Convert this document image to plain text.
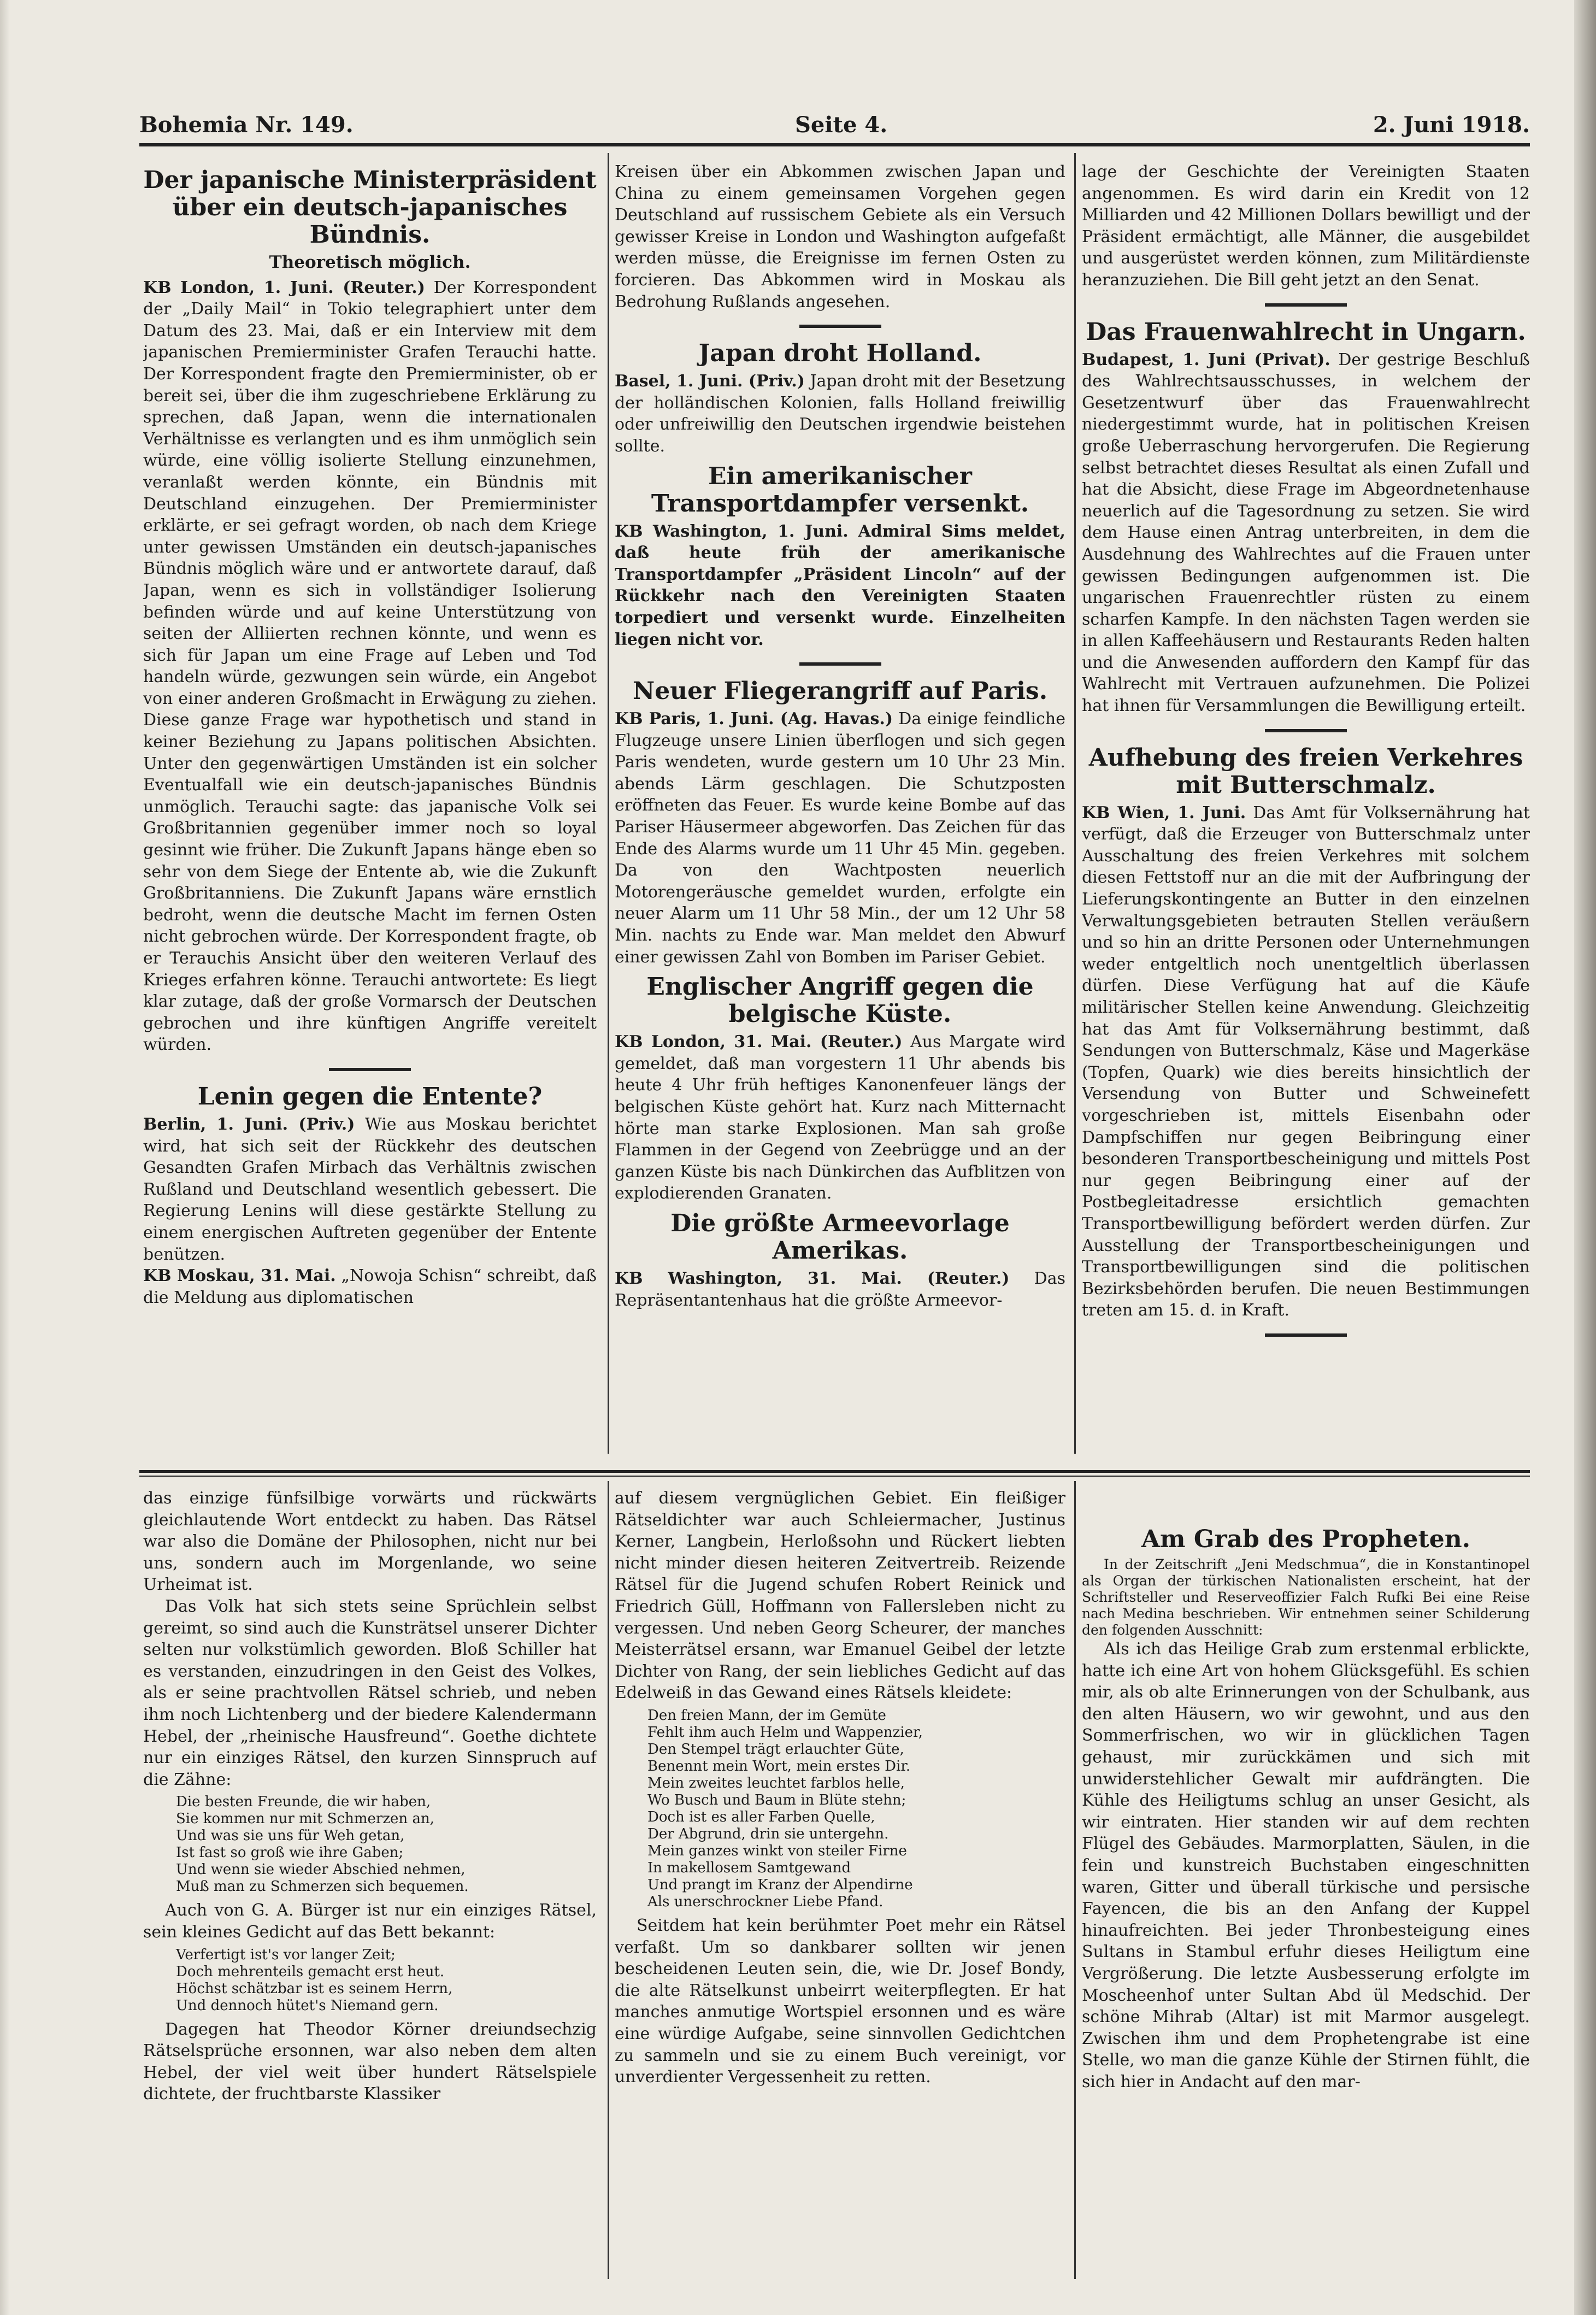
Bohemia Nr. 149.	Seite 4.	2. Juni 1918.
Der japanische Ministerpräsident über ein deutsch-japanisches Bündnis.
Theoretisch möglich.

KB London, 1. Juni. (Reuter.) Der Korrespondent der „Daily Mail“ in Tokio telegraphiert unter dem Datum des 23. Mai, daß er ein Interview mit dem japanischen Premierminister Grafen Terauchi hatte. Der Korrespondent fragte den Premierminister, ob er bereit sei, über die ihm zugeschriebene Erklärung zu sprechen, daß Japan, wenn die internationalen Verhältnisse es verlangten und es ihm unmöglich sein würde, eine völlig isolierte Stellung einzunehmen, veranlaßt werden könnte, ein Bündnis mit Deutschland einzugehen. Der Premierminister erklärte, er sei gefragt worden, ob nach dem Kriege unter gewissen Umständen ein deutsch-japanisches Bündnis möglich wäre und er antwortete darauf, daß Japan, wenn es sich in vollständiger Isolierung befinden würde und auf keine Unterstützung von seiten der Alliierten rechnen könnte, und wenn es sich für Japan um eine Frage auf Leben und Tod handeln würde, gezwungen sein würde, ein Angebot von einer anderen Großmacht in Erwägung zu ziehen. Diese ganze Frage war hypothetisch und stand in keiner Beziehung zu Japans politischen Absichten. Unter den gegenwärtigen Umständen ist ein solcher Eventualfall wie ein deutsch-japanisches Bündnis unmöglich. Terauchi sagte: das japanische Volk sei Großbritannien gegenüber immer noch so loyal gesinnt wie früher. Die Zukunft Japans hänge eben so sehr von dem Siege der Entente ab, wie die Zukunft Großbritanniens. Die Zukunft Japans wäre ernstlich bedroht, wenn die deutsche Macht im fernen Osten nicht gebrochen würde. Der Korrespondent fragte, ob er Terauchis Ansicht über den weiteren Verlauf des Krieges erfahren könne. Terauchi antwortete: Es liegt klar zutage, daß der große Vormarsch der Deutschen gebrochen und ihre künftigen Angriffe vereitelt würden.

Lenin gegen die Entente?

Berlin, 1. Juni. (Priv.) Wie aus Moskau berichtet wird, hat sich seit der Rückkehr des deutschen Gesandten Grafen Mirbach das Verhältnis zwischen Rußland und Deutschland wesentlich gebessert. Die Regierung Lenins will diese gestärkte Stellung zu einem energischen Auftreten gegenüber der Entente benützen.

KB Moskau, 31. Mai. „Nowoja Schisn“ schreibt, daß die Meldung aus diplomatischen

Kreisen über ein Abkommen zwischen Japan und China zu einem gemeinsamen Vorgehen gegen Deutschland auf russischem Gebiete als ein Versuch gewisser Kreise in London und Washington aufgefaßt werden müsse, die Ereignisse im fernen Osten zu forcieren. Das Abkommen wird in Moskau als Bedrohung Rußlands angesehen.

Japan droht Holland.

Basel, 1. Juni. (Priv.) Japan droht mit der Besetzung der holländischen Kolonien, falls Holland freiwillig oder unfreiwillig den Deutschen irgendwie beistehen sollte.

Ein amerikanischer Transportdampfer versenkt.

KB Washington, 1. Juni. Admiral Sims meldet, daß heute früh der amerikanische Transportdampfer „Präsident Lincoln“ auf der Rückkehr nach den Vereinigten Staaten torpediert und versenkt wurde. Einzelheiten liegen nicht vor.

Neuer Fliegerangriff auf Paris.

KB Paris, 1. Juni. (Ag. Havas.) Da einige feindliche Flugzeuge unsere Linien überflogen und sich gegen Paris wendeten, wurde gestern um 10 Uhr 23 Min. abends Lärm geschlagen. Die Schutzposten eröffneten das Feuer. Es wurde keine Bombe auf das Pariser Häusermeer abgeworfen. Das Zeichen für das Ende des Alarms wurde um 11 Uhr 45 Min. gegeben. Da von den Wachtposten neuerlich Motorengeräusche gemeldet wurden, erfolgte ein neuer Alarm um 11 Uhr 58 Min., der um 12 Uhr 58 Min. nachts zu Ende war. Man meldet den Abwurf einer gewissen Zahl von Bomben im Pariser Gebiet.

Englischer Angriff gegen die belgische Küste.

KB London, 31. Mai. (Reuter.) Aus Margate wird gemeldet, daß man vorgestern 11 Uhr abends bis heute 4 Uhr früh heftiges Kanonenfeuer längs der belgischen Küste gehört hat. Kurz nach Mitternacht hörte man starke Explosionen. Man sah große Flammen in der Gegend von Zeebrügge und an der ganzen Küste bis nach Dünkirchen das Aufblitzen von explodierenden Granaten.

Die größte Armeevorlage Amerikas.

KB Washington, 31. Mai. (Reuter.) Das Repräsentantenhaus hat die größte Armeevor-

lage der Geschichte der Vereinigten Staaten angenommen. Es wird darin ein Kredit von 12 Milliarden und 42 Millionen Dollars bewilligt und der Präsident ermächtigt, alle Männer, die ausgebildet und ausgerüstet werden können, zum Militärdienste heranzuziehen. Die Bill geht jetzt an den Senat.

Das Frauenwahlrecht in Ungarn.

Budapest, 1. Juni (Privat). Der gestrige Beschluß des Wahlrechtsausschusses, in welchem der Gesetzentwurf über das Frauenwahlrecht niedergestimmt wurde, hat in politischen Kreisen große Ueberraschung hervorgerufen. Die Regierung selbst betrachtet dieses Resultat als einen Zufall und hat die Absicht, diese Frage im Abgeordnetenhause neuerlich auf die Tagesordnung zu setzen. Sie wird dem Hause einen Antrag unterbreiten, in dem die Ausdehnung des Wahlrechtes auf die Frauen unter gewissen Bedingungen aufgenommen ist. Die ungarischen Frauenrechtler rüsten zu einem scharfen Kampfe. In den nächsten Tagen werden sie in allen Kaffeehäusern und Restaurants Reden halten und die Anwesenden auffordern den Kampf für das Wahlrecht mit Vertrauen aufzunehmen. Die Polizei hat ihnen für Versammlungen die Bewilligung erteilt.

Aufhebung des freien Verkehres mit Butterschmalz.

KB Wien, 1. Juni. Das Amt für Volksernährung hat verfügt, daß die Erzeuger von Butterschmalz unter Ausschaltung des freien Verkehres mit solchem diesen Fettstoff nur an die mit der Aufbringung der Lieferungskontingente an Butter in den einzelnen Verwaltungsgebieten betrauten Stellen veräußern und so hin an dritte Personen oder Unternehmungen weder entgeltlich noch unentgeltlich überlassen dürfen. Diese Verfügung hat auf die Käufe militärischer Stellen keine Anwendung. Gleichzeitig hat das Amt für Volksernährung bestimmt, daß Sendungen von Butterschmalz, Käse und Magerkäse (Topfen, Quark) wie dies bereits hinsichtlich der Versendung von Butter und Schweinefett vorgeschrieben ist, mittels Eisenbahn oder Dampfschiffen nur gegen Beibringung einer besonderen Transportbescheinigung und mittels Post nur gegen Beibringung einer auf der Postbegleitadresse ersichtlich gemachten Transportbewilligung befördert werden dürfen. Zur Ausstellung der Transportbescheinigungen und Transportbewilligungen sind die politischen Bezirksbehörden berufen. Die neuen Bestimmungen treten am 15. d. in Kraft.

das einzige fünfsilbige vorwärts und rückwärts gleichlautende Wort entdeckt zu haben. Das Rätsel war also die Domäne der Philosophen, nicht nur bei uns, sondern auch im Morgenlande, wo seine Urheimat ist.

Das Volk hat sich stets seine Sprüchlein selbst gereimt, so sind auch die Kunsträtsel unserer Dichter selten nur volkstümlich geworden. Bloß Schiller hat es verstanden, einzudringen in den Geist des Volkes, als er seine prachtvollen Rätsel schrieb, und neben ihm noch Lichtenberg und der biedere Kalendermann Hebel, der „rheinische Hausfreund“. Goethe dichtete nur ein einziges Rätsel, den kurzen Sinnspruch auf die Zähne:

Die besten Freunde, die wir haben,
Sie kommen nur mit Schmerzen an,
Und was sie uns für Weh getan,
Ist fast so groß wie ihre Gaben;
Und wenn sie wieder Abschied nehmen,
Muß man zu Schmerzen sich bequemen.

Auch von G. A. Bürger ist nur ein einziges Rätsel, sein kleines Gedicht auf das Bett bekannt:

Verfertigt ist's vor langer Zeit;
Doch mehrenteils gemacht erst heut.
Höchst schätzbar ist es seinem Herrn,
Und dennoch hütet's Niemand gern.

Dagegen hat Theodor Körner dreiundsechzig Rätselsprüche ersonnen, war also neben dem alten Hebel, der viel weit über hundert Rätselspiele dichtete, der fruchtbarste Klassiker

auf diesem vergnüglichen Gebiet. Ein fleißiger Rätseldichter war auch Schleiermacher, Justinus Kerner, Langbein, Herloßsohn und Rückert liebten nicht minder diesen heiteren Zeitvertreib. Reizende Rätsel für die Jugend schufen Robert Reinick und Friedrich Güll, Hoffmann von Fallersleben nicht zu vergessen. Und neben Georg Scheurer, der manches Meisterrätsel ersann, war Emanuel Geibel der letzte Dichter von Rang, der sein liebliches Gedicht auf das Edelweiß in das Gewand eines Rätsels kleidete:

Den freien Mann, der im Gemüte
Fehlt ihm auch Helm und Wappenzier,
Den Stempel trägt erlauchter Güte,
Benennt mein Wort, mein erstes Dir.
Mein zweites leuchtet farblos helle,
Wo Busch und Baum in Blüte stehn;
Doch ist es aller Farben Quelle,
Der Abgrund, drin sie untergehn.
Mein ganzes winkt von steiler Firne
In makellosem Samtgewand
Und prangt im Kranz der Alpendirne
Als unerschrockner Liebe Pfand.

Seitdem hat kein berühmter Poet mehr ein Rätsel verfaßt. Um so dankbarer sollten wir jenen bescheidenen Leuten sein, die, wie Dr. Josef Bondy, die alte Rätselkunst unbeirrt weiterpflegten. Er hat manches anmutige Wortspiel ersonnen und es wäre eine würdige Aufgabe, seine sinnvollen Gedichtchen zu sammeln und sie zu einem Buch vereinigt, vor unverdienter Vergessenheit zu retten.

Am Grab des Propheten.

In der Zeitschrift „Jeni Medschmua“, die in Konstantinopel als Organ der türkischen Nationalisten erscheint, hat der Schriftsteller und Reserveoffizier Falch Rufki Bei eine Reise nach Medina beschrieben. Wir entnehmen seiner Schilderung den folgenden Ausschnitt:

Als ich das Heilige Grab zum erstenmal erblickte, hatte ich eine Art von hohem Glücksgefühl. Es schien mir, als ob alte Erinnerungen von der Schulbank, aus den alten Häusern, wo wir gewohnt, und aus den Sommerfrischen, wo wir in glücklichen Tagen gehaust, mir zurückkämen und sich mit unwiderstehlicher Gewalt mir aufdrängten. Die Kühle des Heiligtums schlug an unser Gesicht, als wir eintraten. Hier standen wir auf dem rechten Flügel des Gebäudes. Marmorplatten, Säulen, in die fein und kunstreich Buchstaben eingeschnitten waren, Gitter und überall türkische und persische Fayencen, die bis an den Anfang der Kuppel hinaufreichten. Bei jeder Thronbesteigung eines Sultans in Stambul erfuhr dieses Heiligtum eine Vergrößerung. Die letzte Ausbesserung erfolgte im Moscheenhof unter Sultan Abd ül Medschid. Der schöne Mihrab (Altar) ist mit Marmor ausgelegt. Zwischen ihm und dem Prophetengrabe ist eine Stelle, wo man die ganze Kühle der Stirnen fühlt, die sich hier in Andacht auf den mar-
